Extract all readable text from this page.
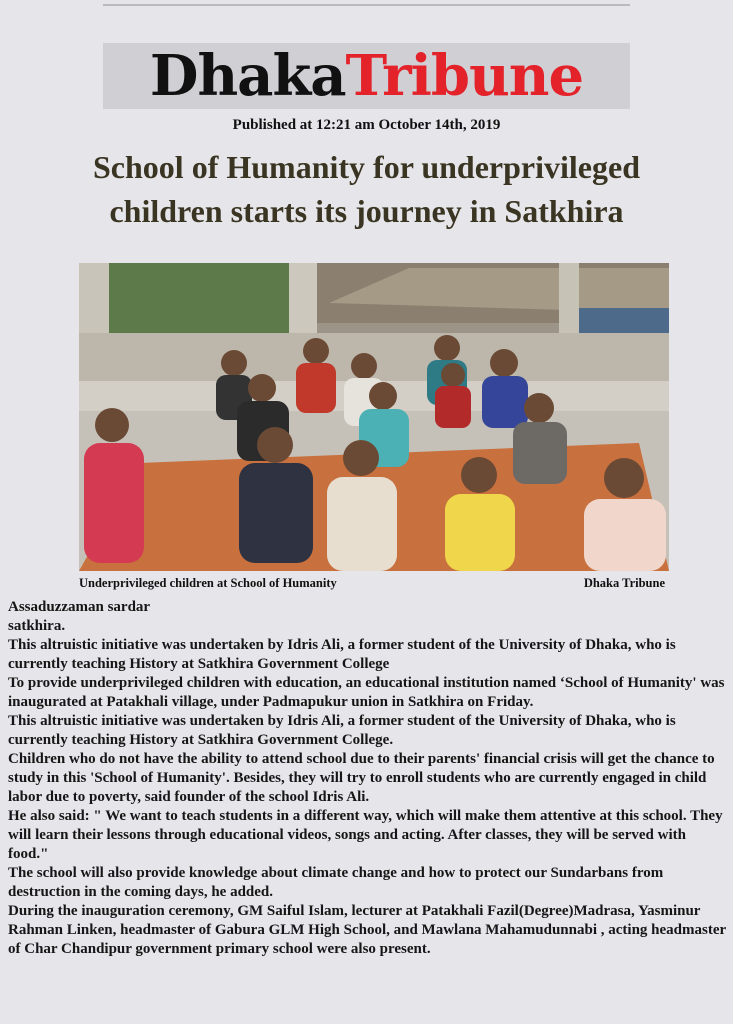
Dhaka Tribune
Published at 12:21 am October 14th, 2019
School of Humanity for underprivileged
children starts its journey in Satkhira
Underprivileged children at School of Humanity	Dhaka Tribune

Assaduzzaman sardar

satkhira.

This altruistic initiative was undertaken by Idris Ali, a former student of the University of Dhaka, who is currently teaching History at Satkhira Government College

To provide underprivileged children with education, an educational institution named ‘School of Humanity' was inaugurated at Patakhali village, under Padmapukur union in Satkhira on Friday.

This altruistic initiative was undertaken by Idris Ali, a former student of the University of Dhaka, who is currently teaching History at Satkhira Government College.

Children who do not have the ability to attend school due to their parents' financial crisis will get the chance to study in this 'School of Humanity'. Besides, they will try to enroll students who are currently engaged in child labor due to poverty, said founder of the school Idris Ali.

He also said: " We want to teach students in a different way, which will make them attentive at this school. They will learn their lessons through educational videos, songs and acting. After classes, they will be served with food."

The school will also provide knowledge about climate change and how to protect our Sundarbans from destruction in the coming days, he added.

During the inauguration ceremony, GM Saiful Islam, lecturer at Patakhali Fazil(Degree)Madrasa, Yasminur Rahman Linken, headmaster of Gabura GLM High School, and Mawlana Mahamudunnabi , acting headmaster of Char Chandipur government primary school were also present.
